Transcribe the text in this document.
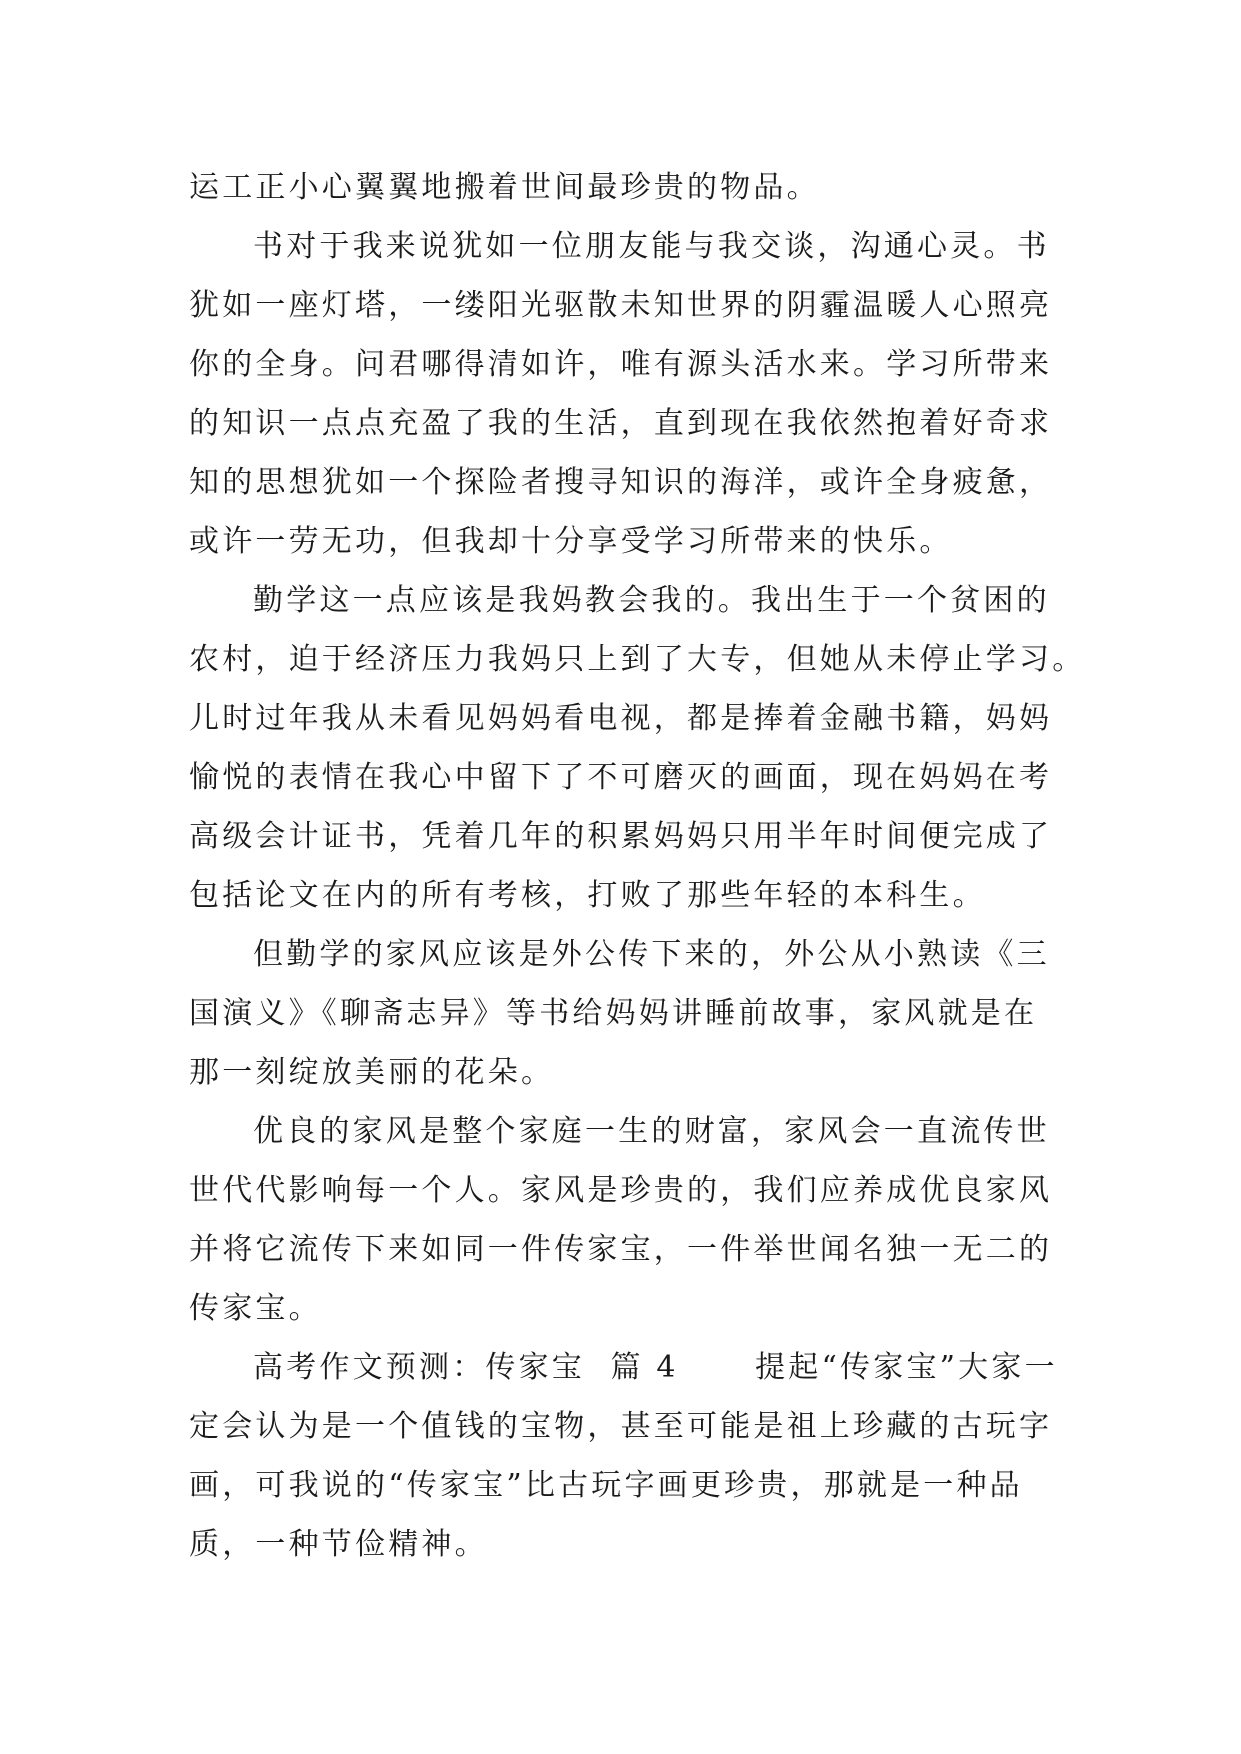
运工正小心翼翼地搬着世间最珍贵的物品。
书对于我来说犹如一位朋友能与我交谈，沟通心灵。书
犹如一座灯塔，一缕阳光驱散未知世界的阴霾温暖人心照亮
你的全身。问君哪得清如许，唯有源头活水来。学习所带来
的知识一点点充盈了我的生活，直到现在我依然抱着好奇求
知的思想犹如一个探险者搜寻知识的海洋，或许全身疲惫，
或许一劳无功，但我却十分享受学习所带来的快乐。
勤学这一点应该是我妈教会我的。我出生于一个贫困的
农村，迫于经济压力我妈只上到了大专，但她从未停止学习。
儿时过年我从未看见妈妈看电视，都是捧着金融书籍，妈妈
愉悦的表情在我心中留下了不可磨灭的画面，现在妈妈在考
高级会计证书，凭着几年的积累妈妈只用半年时间便完成了
包括论文在内的所有考核，打败了那些年轻的本科生。
但勤学的家风应该是外公传下来的，外公从小熟读《三
国演义》《聊斋志异》等书给妈妈讲睡前故事，家风就是在
那一刻绽放美丽的花朵。
优良的家风是整个家庭一生的财富，家风会一直流传世
世代代影响每一个人。家风是珍贵的，我们应养成优良家风
并将它流传下来如同一件传家宝，一件举世闻名独一无二的
传家宝。
高考作文预测：传家宝  篇 4      提起“传家宝”大家一
定会认为是一个值钱的宝物，甚至可能是祖上珍藏的古玩字
画，可我说的“传家宝”比古玩字画更珍贵，那就是一种品
质，一种节俭精神。
